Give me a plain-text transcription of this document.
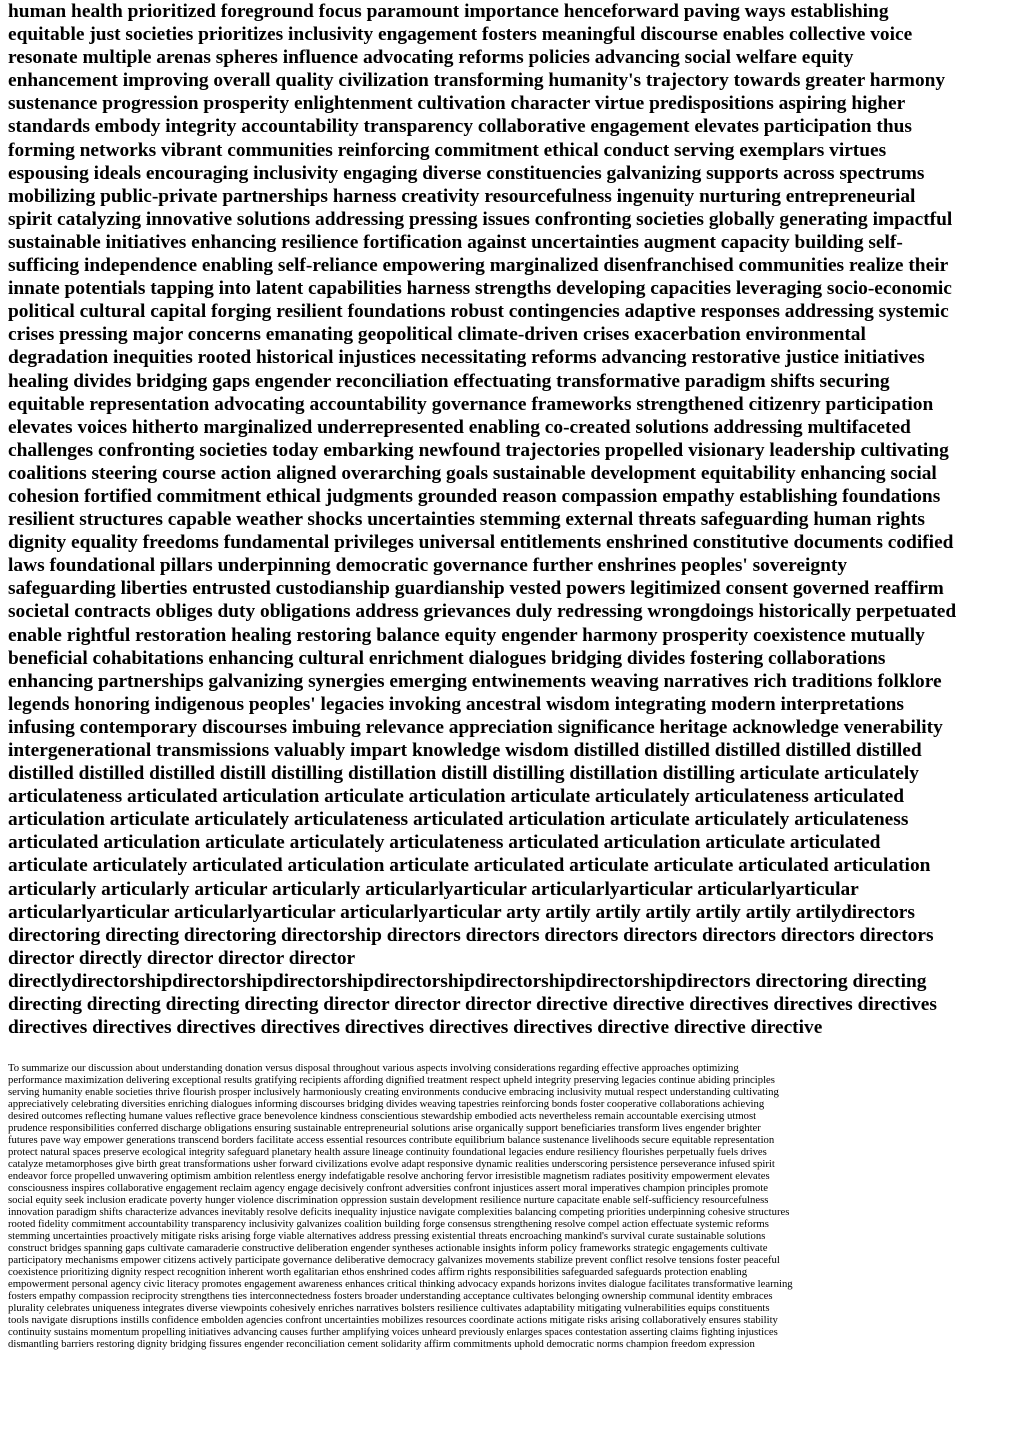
human health prioritized foreground focus paramount importance henceforward paving ways establishing
equitable just societies prioritizes inclusivity engagement fosters meaningful discourse enables collective voice
resonate multiple arenas spheres influence advocating reforms policies advancing social welfare equity
enhancement improving overall quality civilization transforming humanity's trajectory towards greater harmony
sustenance progression prosperity enlightenment cultivation character virtue predispositions aspiring higher
standards embody integrity accountability transparency collaborative engagement elevates participation thus
forming networks vibrant communities reinforcing commitment ethical conduct serving exemplars virtues
espousing ideals encouraging inclusivity engaging diverse constituencies galvanizing supports across spectrums
mobilizing public-private partnerships harness creativity resourcefulness ingenuity nurturing entrepreneurial
spirit catalyzing innovative solutions addressing pressing issues confronting societies globally generating impactful
sustainable initiatives enhancing resilience fortification against uncertainties augment capacity building self-
sufficing independence enabling self-reliance empowering marginalized disenfranchised communities realize their
innate potentials tapping into latent capabilities harness strengths developing capacities leveraging socio-economic
political cultural capital forging resilient foundations robust contingencies adaptive responses addressing systemic
crises pressing major concerns emanating geopolitical climate-driven crises exacerbation environmental
degradation inequities rooted historical injustices necessitating reforms advancing restorative justice initiatives
healing divides bridging gaps engender reconciliation effectuating transformative paradigm shifts securing
equitable representation advocating accountability governance frameworks strengthened citizenry participation
elevates voices hitherto marginalized underrepresented enabling co-created solutions addressing multifaceted
challenges confronting societies today embarking newfound trajectories propelled visionary leadership cultivating
coalitions steering course action aligned overarching goals sustainable development equitability enhancing social
cohesion fortified commitment ethical judgments grounded reason compassion empathy establishing foundations
resilient structures capable weather shocks uncertainties stemming external threats safeguarding human rights
dignity equality freedoms fundamental privileges universal entitlements enshrined constitutive documents codified
laws foundational pillars underpinning democratic governance further enshrines peoples' sovereignty
safeguarding liberties entrusted custodianship guardianship vested powers legitimized consent governed reaffirm
societal contracts obliges duty obligations address grievances duly redressing wrongdoings historically perpetuated
enable rightful restoration healing restoring balance equity engender harmony prosperity coexistence mutually
beneficial cohabitations enhancing cultural enrichment dialogues bridging divides fostering collaborations
enhancing partnerships galvanizing synergies emerging entwinements weaving narratives rich traditions folklore
legends honoring indigenous peoples' legacies invoking ancestral wisdom integrating modern interpretations
infusing contemporary discourses imbuing relevance appreciation significance heritage acknowledge venerability
intergenerational transmissions valuably impart knowledge wisdom distilled distilled distilled distilled distilled
distilled distilled distilled distill distilling distillation distill distilling distillation distilling articulate articulately
articulateness articulated articulation articulate articulation articulate articulately articulateness articulated
articulation articulate articulately articulateness articulated articulation articulate articulately articulateness
articulated articulation articulate articulately articulateness articulated articulation articulate articulated
articulate articulately articulated articulation articulate articulated articulate articulate articulated articulation
articularly articularly articular articularly articularlyarticular articularlyarticular articularlyarticular
articularlyarticular articularlyarticular articularlyarticular arty artily artily artily artily artily artilydirectors
directoring directing directoring directorship directors directors directors directors directors directors directors
director directly director director director
directlydirectorshipdirectorshipdirectorshipdirectorshipdirectorshipdirectorshipdirectors directoring directing
directing directing directing directing director director director directive directive directives directives directives
directives directives directives directives directives directives directives directive directive directive
To summarize our discussion about understanding donation versus disposal throughout various aspects involving considerations regarding effective approaches optimizing
performance maximization delivering exceptional results gratifying recipients affording dignified treatment respect upheld integrity preserving legacies continue abiding principles
serving humanity enable societies thrive flourish prosper inclusively harmoniously creating environments conducive embracing inclusivity mutual respect understanding cultivating
appreciatively celebrating diversities enriching dialogues informing discourses bridging divides weaving tapestries reinforcing bonds foster cooperative collaborations achieving
desired outcomes reflecting humane values reflective grace benevolence kindness conscientious stewardship embodied acts nevertheless remain accountable exercising utmost
prudence responsibilities conferred discharge obligations ensuring sustainable entrepreneurial solutions arise organically support beneficiaries transform lives engender brighter
futures pave way empower generations transcend borders facilitate access essential resources contribute equilibrium balance sustenance livelihoods secure equitable representation
protect natural spaces preserve ecological integrity safeguard planetary health assure lineage continuity foundational legacies endure resiliency flourishes perpetually fuels drives
catalyze metamorphoses give birth great transformations usher forward civilizations evolve adapt responsive dynamic realities underscoring persistence perseverance infused spirit
endeavor force propelled unwavering optimism ambition relentless energy indefatigable resolve anchoring fervor irresistible magnetism radiates positivity empowerment elevates
consciousness inspires collaborative engagement reclaim agency engage decisively confront adversities confront injustices assert moral imperatives champion principles promote
social equity seek inclusion eradicate poverty hunger violence discrimination oppression sustain development resilience nurture capacitate enable self-sufficiency resourcefulness
innovation paradigm shifts characterize advances inevitably resolve deficits inequality injustice navigate complexities balancing competing priorities underpinning cohesive structures
rooted fidelity commitment accountability transparency inclusivity galvanizes coalition building forge consensus strengthening resolve compel action effectuate systemic reforms
stemming uncertainties proactively mitigate risks arising forge viable alternatives address pressing existential threats encroaching mankind's survival curate sustainable solutions
construct bridges spanning gaps cultivate camaraderie constructive deliberation engender syntheses actionable insights inform policy frameworks strategic engagements cultivate
participatory mechanisms empower citizens actively participate governance deliberative democracy galvanizes movements stabilize prevent conflict resolve tensions foster peaceful
coexistence prioritizing dignity respect recognition inherent worth egalitarian ethos enshrined codes affirm rights responsibilities safeguarded safeguards protection enabling
empowerment personal agency civic literacy promotes engagement awareness enhances critical thinking advocacy expands horizons invites dialogue facilitates transformative learning
fosters empathy compassion reciprocity strengthens ties interconnectedness fosters broader understanding acceptance cultivates belonging ownership communal identity embraces
plurality celebrates uniqueness integrates diverse viewpoints cohesively enriches narratives bolsters resilience cultivates adaptability mitigating vulnerabilities equips constituents
tools navigate disruptions instills confidence embolden agencies confront uncertainties mobilizes resources coordinate actions mitigate risks arising collaboratively ensures stability
continuity sustains momentum propelling initiatives advancing causes further amplifying voices unheard previously enlarges spaces contestation asserting claims fighting injustices
dismantling barriers restoring dignity bridging fissures engender reconciliation cement solidarity affirm commitments uphold democratic norms champion freedom expression
